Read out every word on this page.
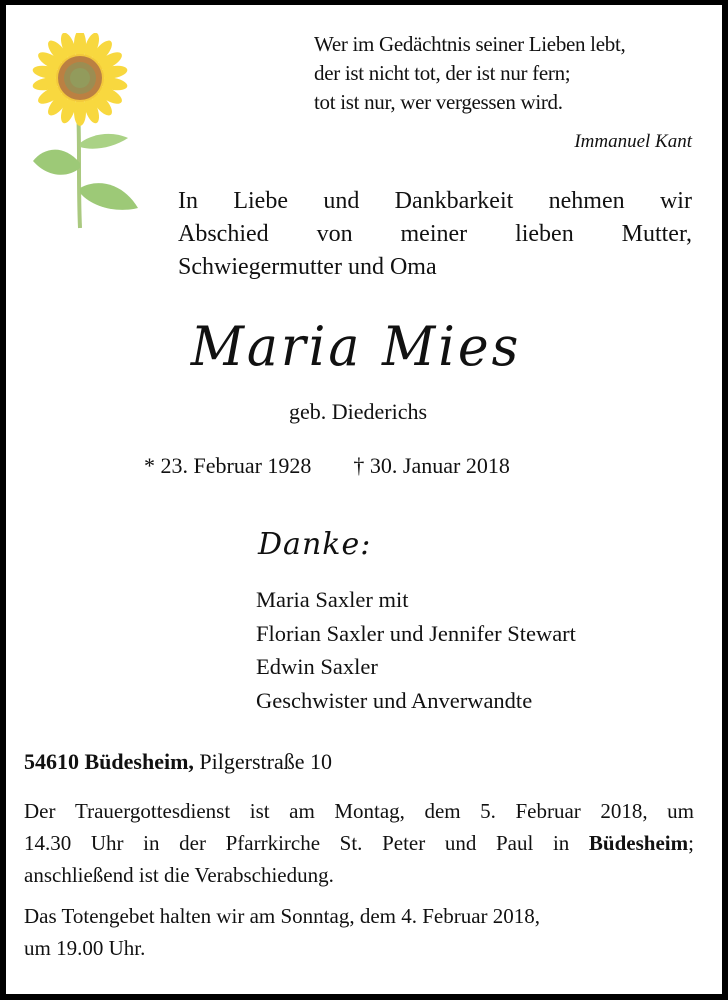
Wer im Gedächtnis seiner Lieben lebt,
der ist nicht tot, der ist nur fern;
tot ist nur, wer vergessen wird.
Immanuel Kant
In Liebe und Dankbarkeit nehmen wir
Abschied von meiner lieben Mutter,
Schwiegermutter und Oma
Maria Mies
geb. Diederichs
* 23. Februar 1928 † 30. Januar 2018
Danke:
Maria Saxler mit
Florian Saxler und Jennifer Stewart
Edwin Saxler
Geschwister und Anverwandte
54610 Büdesheim, Pilgerstraße 10
Der Trauergottesdienst ist am Montag, dem 5. Februar 2018, um
14.30 Uhr in der Pfarrkirche St. Peter und Paul in Büdesheim;
anschließend ist die Verabschiedung.
Das Totengebet halten wir am Sonntag, dem 4. Februar 2018,
um 19.00 Uhr.
